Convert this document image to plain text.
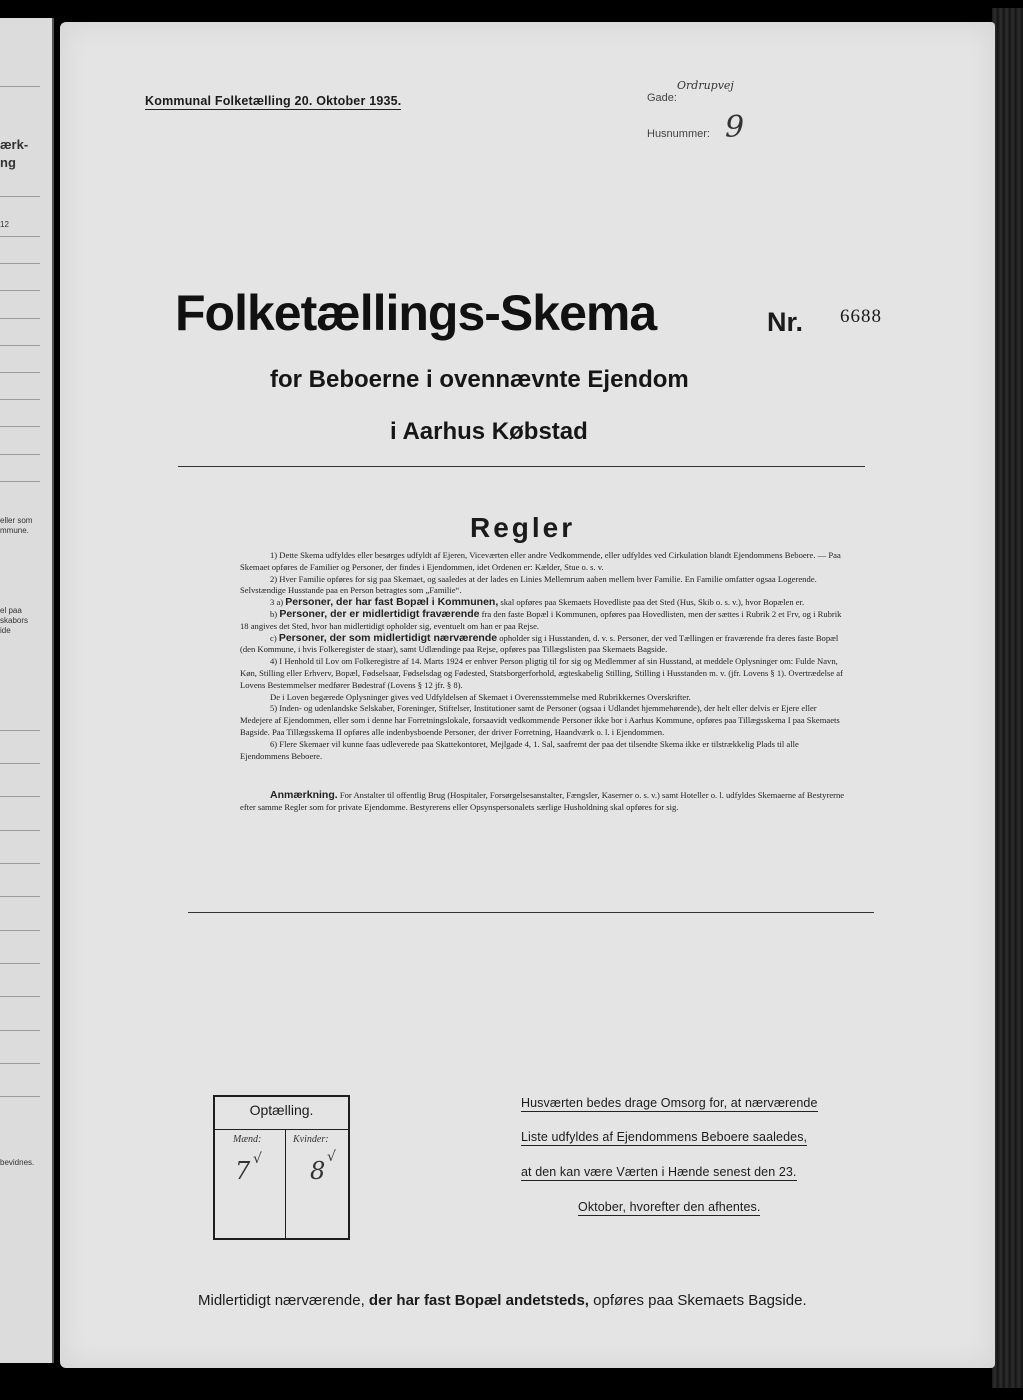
ærk-
ng
12
eller som
mmune.
el paa
skabors
ide
bevidnes.
Kommunal Folketælling 20. Oktober 1935.
Ordrupvej
Gade:
Husnummer: 9
Folketællings-Skema	Nr. 6688
for Beboerne i ovennævnte Ejendom
i Aarhus Købstad
Regler

1) Dette Skema udfyldes eller besørges udfyldt af Ejeren, Viceværten eller andre Vedkommende, eller udfyldes ved Cirkulation blandt Ejendommens Beboere. — Paa Skemaet opføres de Familier og Personer, der findes i Ejendommen, idet Ordenen er: Kælder, Stue o. s. v.

2) Hver Familie opføres for sig paa Skemaet, og saaledes at der lades en Linies Mellemrum aaben mellem hver Familie. En Familie omfatter ogsaa Logerende. Selvstændige Husstande paa en Person betragtes som „Familie“.

3 a) Personer, der har fast Bopæl i Kommunen, skal opføres paa Skemaets Hovedliste paa det Sted (Hus, Skib o. s. v.), hvor Bopælen er.

b) Personer, der er midlertidigt fraværende fra den faste Bopæl i Kommunen, opføres paa Hovedlisten, men der sættes i Rubrik 2 et Frv, og i Rubrik 18 angives det Sted, hvor han midlertidigt opholder sig, eventuelt om han er paa Rejse.

c) Personer, der som midlertidigt nærværende opholder sig i Husstanden, d. v. s. Personer, der ved Tællingen er fraværende fra deres faste Bopæl (den Kommune, i hvis Folkeregister de staar), samt Udlændinge paa Rejse, opføres paa Tillægslisten paa Skemaets Bagside.

4) I Henhold til Lov om Folkeregistre af 14. Marts 1924 er enhver Person pligtig til for sig og Medlemmer af sin Husstand, at meddele Oplysninger om: Fulde Navn, Køn, Stilling eller Erhverv, Bopæl, Fødselsaar, Fødselsdag og Fødested, Statsborgerforhold, ægteskabelig Stilling, Stilling i Husstanden m. v. (jfr. Lovens § 1). Overtrædelse af Lovens Bestemmelser medfører Bødestraf (Lovens § 12 jfr. § 8).

De i Loven begærede Oplysninger gives ved Udfyldelsen af Skemaet i Overensstemmelse med Rubrikkernes Overskrifter.

5) Inden- og udenlandske Selskaber, Foreninger, Stiftelser, Institutioner samt de Personer (ogsaa i Udlandet hjemmehørende), der helt eller delvis er Ejere eller Medejere af Ejendommen, eller som i denne har Forretningslokale, forsaavidt vedkommende Personer ikke bor i Aarhus Kommune, opføres paa Tillægsskema I paa Skemaets Bagside. Paa Tillægsskema II opføres alle indenbysboende Personer, der driver Forretning, Haandværk o. l. i Ejendommen.

6) Flere Skemaer vil kunne faas udleverede paa Skattekontoret, Mejlgade 4, 1. Sal, saafremt der paa det tilsendte Skema ikke er tilstrækkelig Plads til alle Ejendommens Beboere.

Anmærkning. For Anstalter til offentlig Brug (Hospitaler, Forsørgelsesanstalter, Fængsler, Kaserner o. s. v.) samt Hoteller o. l. udfyldes Skemaerne af Bestyrerne efter samme Regler som for private Ejendomme. Bestyrerens eller Opsynspersonalets særlige Husholdning skal opføres for sig.

Optælling.
Mænd:	Kvinder:
7 √ 8 √
Husværten bedes drage Omsorg for, at nærværende
Liste udfyldes af Ejendommens Beboere saaledes,
at den kan være Værten i Hænde senest den 23.
Oktober, hvorefter den afhentes.
Midlertidigt nærværende, der har fast Bopæl andetsteds, opføres paa Skemaets Bagside.
